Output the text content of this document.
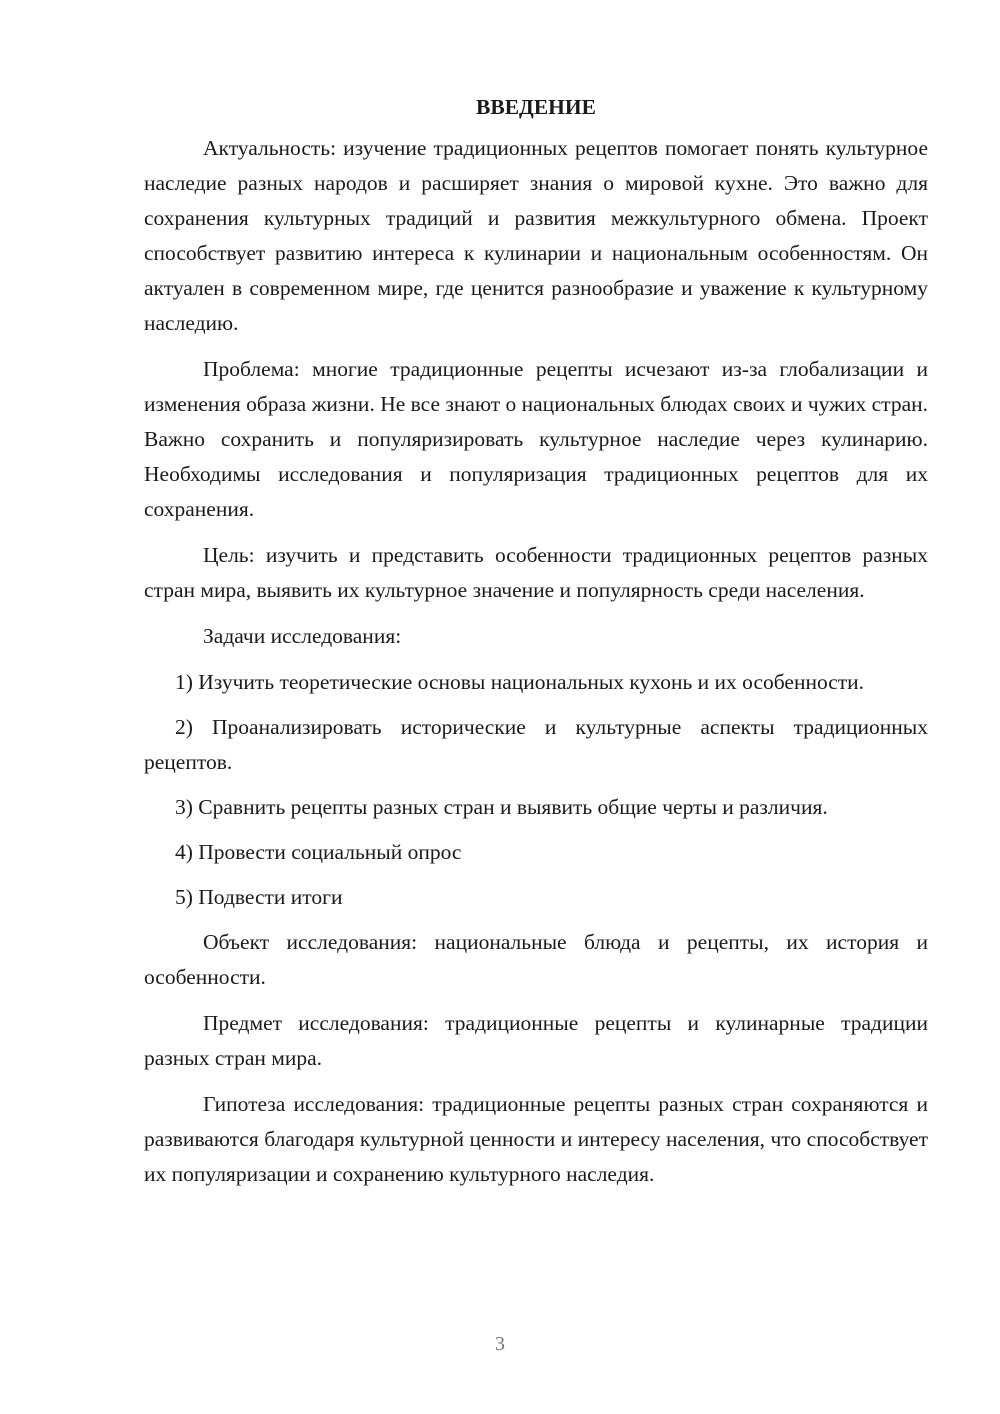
ВВЕДЕНИЕ

Актуальность: изучение традиционных рецептов помогает понять культурное наследие разных народов и расширяет знания о мировой кухне. Это важно для сохранения культурных традиций и развития межкультурного обмена. Проект способствует развитию интереса к кулинарии и национальным особенностям. Он актуален в современном мире, где ценится разнообразие и уважение к культурному наследию.

Проблема: многие традиционные рецепты исчезают из-за глобализации и изменения образа жизни. Не все знают о национальных блюдах своих и чужих стран. Важно сохранить и популяризировать культурное наследие через кулинарию. Необходимы исследования и популяризация традиционных рецептов для их сохранения.

Цель: изучить и представить особенности традиционных рецептов разных стран мира, выявить их культурное значение и популярность среди населения.

Задачи исследования:

1) Изучить теоретические основы национальных кухонь и их особенности.

2) Проанализировать исторические и культурные аспекты традиционных рецептов.

3) Сравнить рецепты разных стран и выявить общие черты и различия.

4) Провести социальный опрос

5) Подвести итоги

Объект исследования: национальные блюда и рецепты, их история и особенности.

Предмет исследования: традиционные рецепты и кулинарные традиции разных стран мира.

Гипотеза исследования: традиционные рецепты разных стран сохраняются и развиваются благодаря культурной ценности и интересу населения, что способствует их популяризации и сохранению культурного наследия.

3
